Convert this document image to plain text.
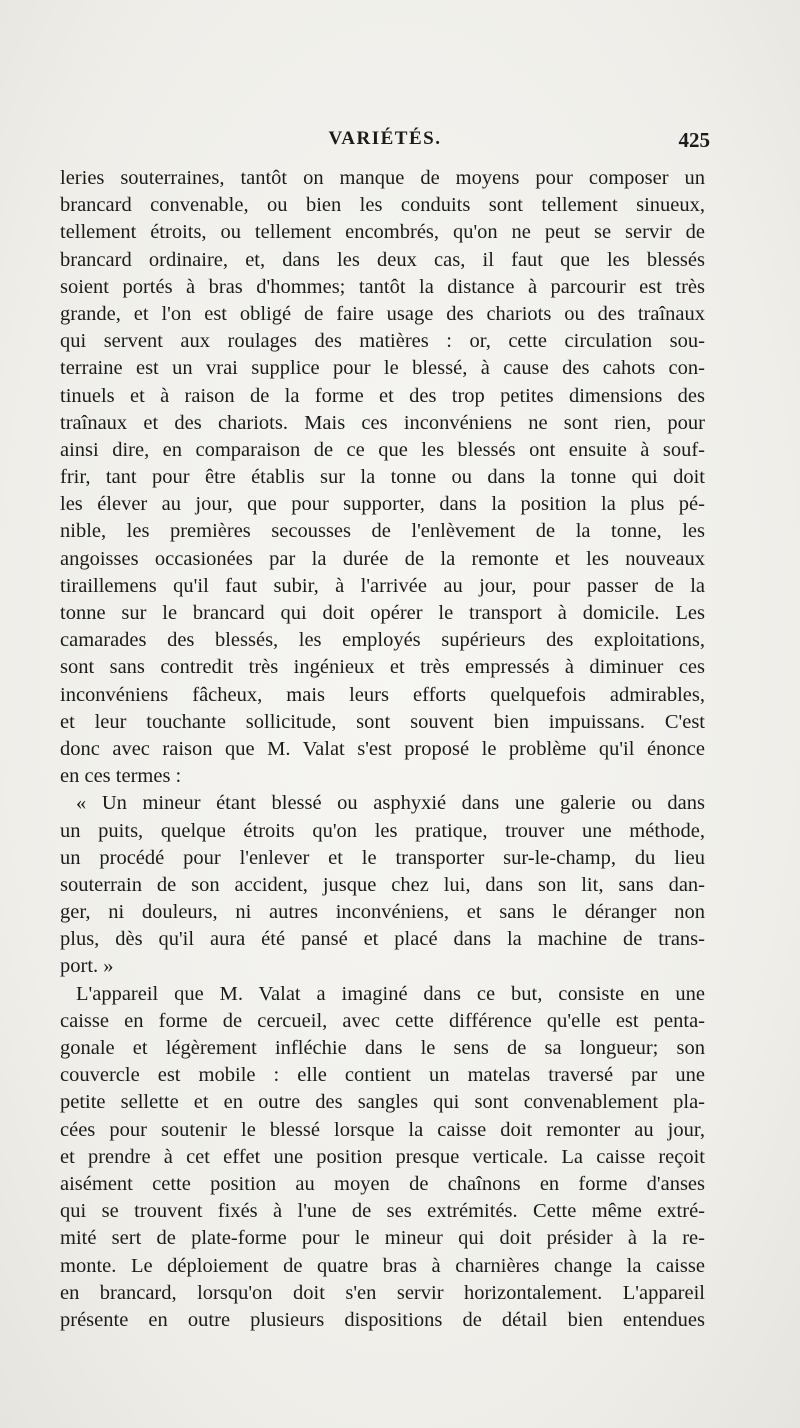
VARIÉTÉS.	425
leries souterraines, tantôt on manque de moyens pour composer un
brancard convenable, ou bien les conduits sont tellement sinueux,
tellement étroits, ou tellement encombrés, qu'on ne peut se servir de
brancard ordinaire, et, dans les deux cas, il faut que les blessés
soient portés à bras d'hommes; tantôt la distance à parcourir est très
grande, et l'on est obligé de faire usage des chariots ou des traînaux
qui servent aux roulages des matières : or, cette circulation sou-
terraine est un vrai supplice pour le blessé, à cause des cahots con-
tinuels et à raison de la forme et des trop petites dimensions des
traînaux et des chariots. Mais ces inconvéniens ne sont rien, pour
ainsi dire, en comparaison de ce que les blessés ont ensuite à souf-
frir, tant pour être établis sur la tonne ou dans la tonne qui doit
les élever au jour, que pour supporter, dans la position la plus pé-
nible, les premières secousses de l'enlèvement de la tonne, les
angoisses occasionées par la durée de la remonte et les nouveaux
tiraillemens qu'il faut subir, à l'arrivée au jour, pour passer de la
tonne sur le brancard qui doit opérer le transport à domicile. Les
camarades des blessés, les employés supérieurs des exploitations,
sont sans contredit très ingénieux et très empressés à diminuer ces
inconvéniens fâcheux, mais leurs efforts quelquefois admirables,
et leur touchante sollicitude, sont souvent bien impuissans. C'est
donc avec raison que M. Valat s'est proposé le problème qu'il énonce
en ces termes :
« Un mineur étant blessé ou asphyxié dans une galerie ou dans
un puits, quelque étroits qu'on les pratique, trouver une méthode,
un procédé pour l'enlever et le transporter sur-le-champ, du lieu
souterrain de son accident, jusque chez lui, dans son lit, sans dan-
ger, ni douleurs, ni autres inconvéniens, et sans le déranger non
plus, dès qu'il aura été pansé et placé dans la machine de trans-
port. »
L'appareil que M. Valat a imaginé dans ce but, consiste en une
caisse en forme de cercueil, avec cette différence qu'elle est penta-
gonale et légèrement infléchie dans le sens de sa longueur; son
couvercle est mobile : elle contient un matelas traversé par une
petite sellette et en outre des sangles qui sont convenablement pla-
cées pour soutenir le blessé lorsque la caisse doit remonter au jour,
et prendre à cet effet une position presque verticale. La caisse reçoit
aisément cette position au moyen de chaînons en forme d'anses
qui se trouvent fixés à l'une de ses extrémités. Cette même extré-
mité sert de plate-forme pour le mineur qui doit présider à la re-
monte. Le déploiement de quatre bras à charnières change la caisse
en brancard, lorsqu'on doit s'en servir horizontalement. L'appareil
présente en outre plusieurs dispositions de détail bien entendues
